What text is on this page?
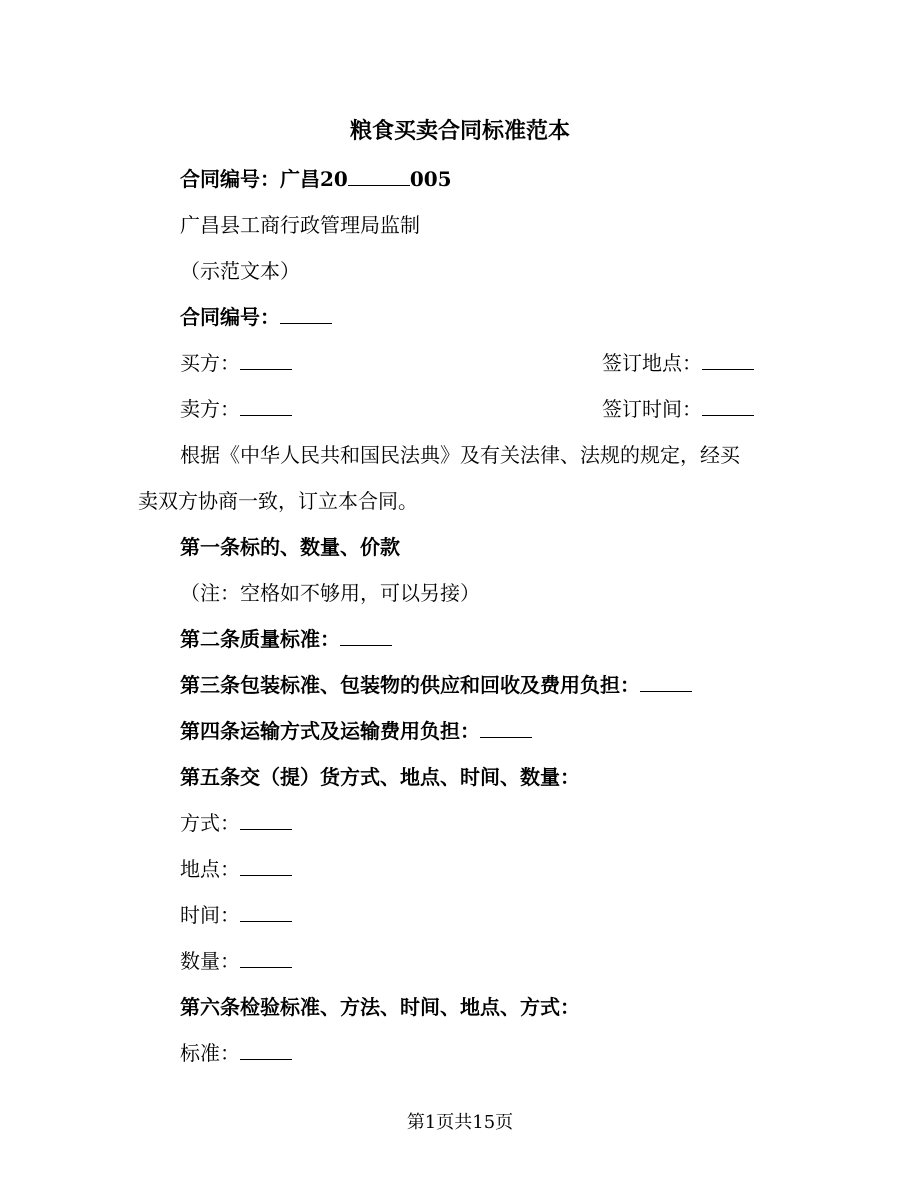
粮食买卖合同标准范本
合同编号：广昌20	005
广昌县工商行政管理局监制
（示范文本）
合同编号：
买方：	签订地点：
卖方：	签订时间：
根据《中华人民共和国民法典》及有关法律、法规的规定，经买
卖双方协商一致，订立本合同。
第一条标的、数量、价款
（注：空格如不够用，可以另接）
第二条质量标准：
第三条包装标准、包装物的供应和回收及费用负担：
第四条运输方式及运输费用负担：
第五条交（提）货方式、地点、时间、数量：
方式：
地点：
时间：
数量：
第六条检验标准、方法、时间、地点、方式：
标准：
第1页共15页
